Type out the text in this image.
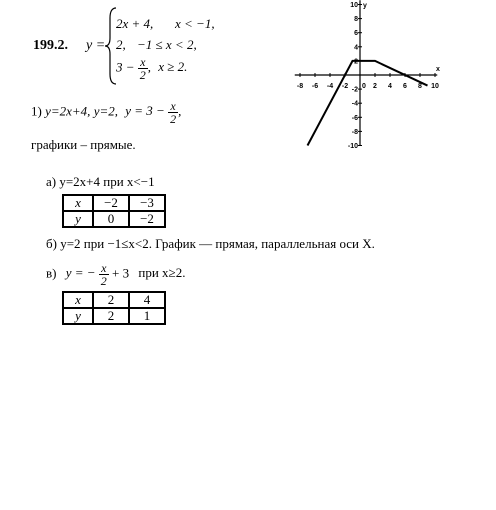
199.2. y =
2x + 4, x < −1,
2, −1 ≤ x < 2,
$3 - \frac{x}{2}$ , x ≥ 2.
-8 -6 -4 -2 0 2 4 6 8 10
10
8
6
4
2
-2
-4
-6
-8
-10
x
y
1) y=2x+4, y=2, $y = 3 - \frac{x}{2}$ ,
графики – прямые.
а) y=2x+4 при x<−1
x	−2	−3
y	0	−2
б) y=2 при −1≤x<2. График — прямая, параллельная оси X.
в) y = − $\frac{x}{2} + 3$ при x≥2.
x	2	4
y	2	1
